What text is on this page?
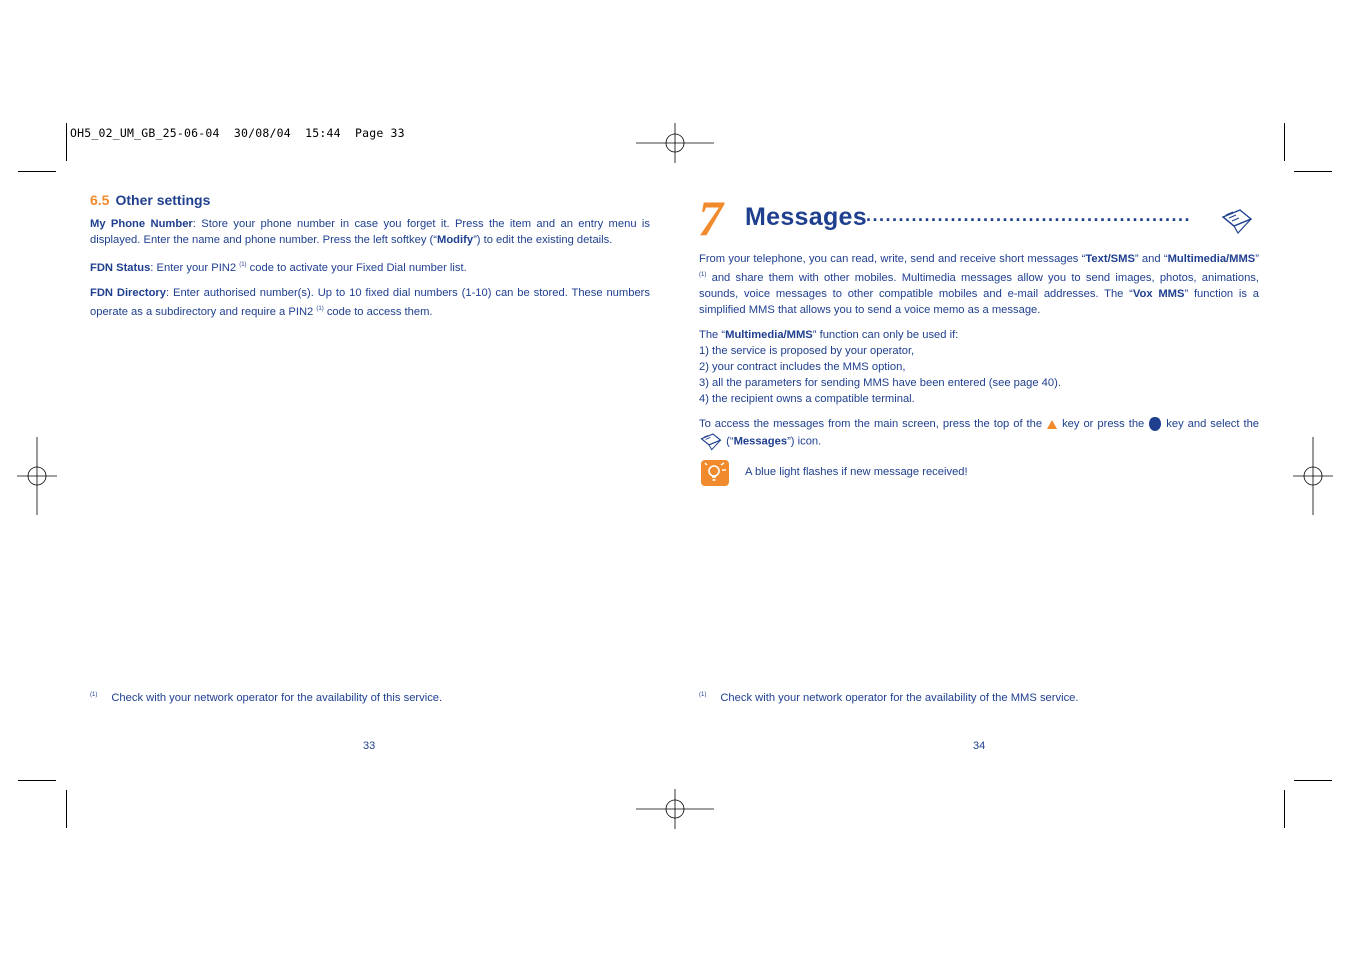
OH5_02_UM_GB_25-06-04  30/08/04  15:44  Page 33
6.5 Other settings

My Phone Number: Store your phone number in case you forget it. Press the item and an entry menu is displayed. Enter the name and phone number. Press the left softkey (“Modify”) to edit the existing details.

FDN Status: Enter your PIN2 $^{(1)}$ code to activate your Fixed Dial number list.

FDN Directory: Enter authorised number(s). Up to 10 fixed dial numbers (1-10) can be stored. These numbers operate as a subdirectory and require a PIN2 $^{(1)}$ code to access them.

$^{(1)}$ Check with your network operator for the availability of this service.
33
7 Messages ..................................................

From your telephone, you can read, write, send and receive short messages “Text/SMS” and “Multimedia/MMS” $^{(1)}$ and share them with other mobiles. Multimedia messages allow you to send images, photos, animations, sounds, voice messages to other compatible mobiles and e-mail addresses. The “Vox MMS” function is a simplified MMS that allows you to send a voice memo as a message.

The “Multimedia/MMS” function can only be used if:
1) the service is proposed by your operator,
2) your contract includes the MMS option,
3) all the parameters for sending MMS have been entered (see page 40).
4) the recipient owns a compatible terminal.

To access the messages from the main screen, press the top of the key or press the key and select the  (“Messages”) icon.

A blue light flashes if new message received!
$^{(1)}$ Check with your network operator for the availability of the MMS service.
34
